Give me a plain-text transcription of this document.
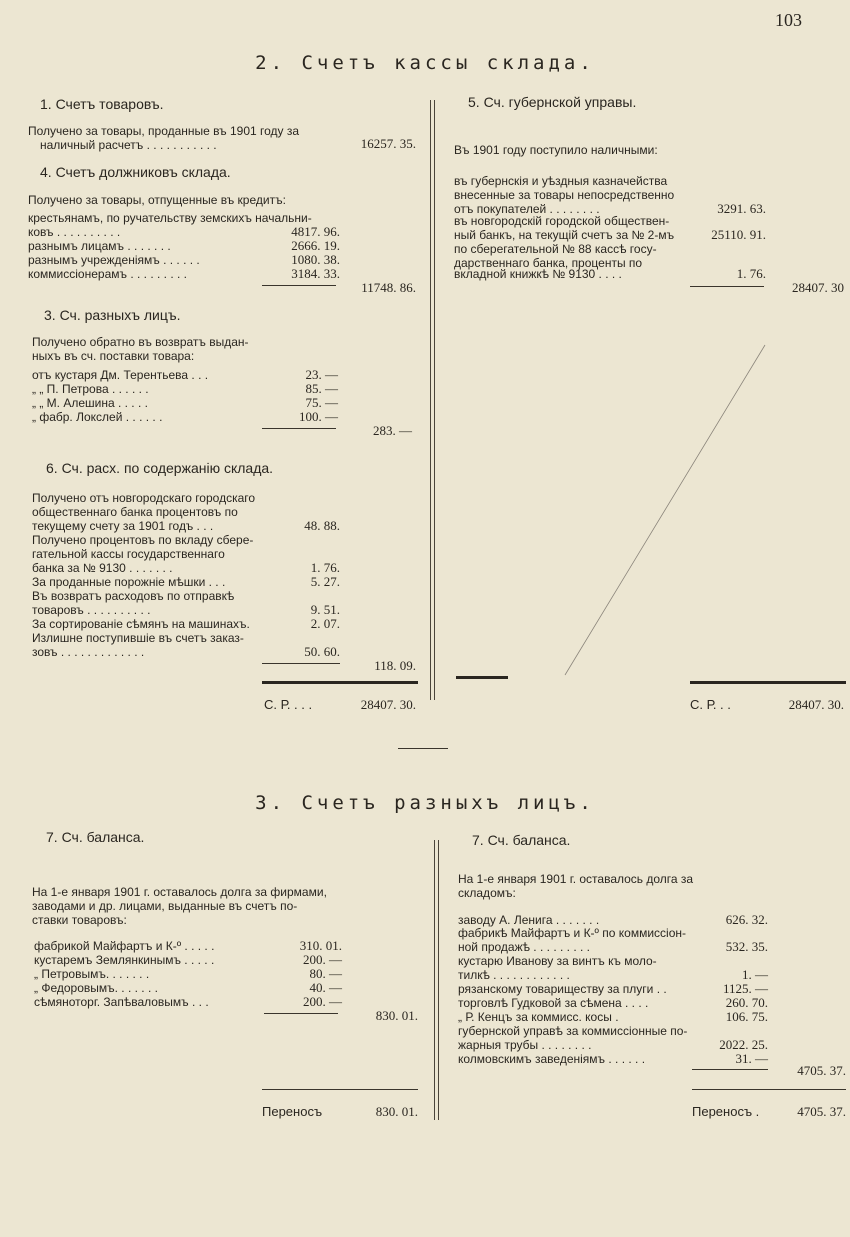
103
2. Счетъ кассы склада.
1. Счетъ товаровъ.
Получено за товары, проданные въ 1901 году за
наличный расчетъ . . . . . . . . . . .	16257. 35.
4. Счетъ должниковъ склада.
Получено за товары, отпущенные въ кредитъ:
крестьянамъ, по ручательству земскихъ начальни-
ковъ . . . . . . . . . .	4817. 96.
разнымъ лицамъ . . . . . . .	2666. 19.
разнымъ учрежденіямъ . . . . . .	1080. 38.
коммиссіонерамъ . . . . . . . . .	3184. 33.
11748. 86.
3. Сч. разныхъ лицъ.
Получено обратно въ возвратъ выдан-
ныхъ въ сч. поставки товара:
отъ кустаря Дм. Терентьева . . .	23. —
„ „ П. Петрова . . . . . .	85. —
„ „ М. Алешина . . . . .	75. —
„ фабр. Локслей . . . . . .	100. —
283. —
6. Сч. расх. по содержанію склада.
Получено отъ новгородскаго городскаго
общественнаго банка процентовъ по
текущему счету за 1901 годъ . . .	48. 88.
Получено процентовъ по вкладу сбере-
гательной кассы государственнаго
банка за № 9130 . . . . . . .	1. 76.
За проданные порожніе мѣшки . . .	5. 27.
Въ возвратъ расходовъ по отправкѣ
товаровъ . . . . . . . . . .	9. 51.
За сортированіе сѣмянъ на машинахъ.	2. 07.
Излишне поступившіе въ счетъ заказ-
зовъ . . . . . . . . . . . . .	50. 60.
118. 09.
С. Р. . . .	28407. 30.
5. Сч. губернской управы.
Въ 1901 году поступило наличными:
въ губернскія и уѣздныя казначейства
внесенные за товары непосредственно
отъ покупателей . . . . . . . .	3291. 63.
въ новгородскій городской обществен-
ный банкъ, на текущій счетъ за № 2-мъ	25110. 91.
по сберегательной № 88 кассѣ госу-
дарственнаго банка, проценты по
вкладной книжкѣ № 9130 . . . .	1. 76.
28407. 30
С. Р. . .	28407. 30.
3. Счетъ разныхъ лицъ.
7. Сч. баланса.
На 1-е января 1901 г. оставалось долга за фирмами,
заводами и др. лицами, выданные въ счетъ по-
ставки товаровъ:
фабрикой Майфартъ и К-º . . . . .	310. 01.
кустаремъ Землянкинымъ . . . . .	200. —
„ Петровымъ. . . . . . .	80. —
„ Федоровымъ. . . . . . .	40. —
сѣмяноторг. Запѣваловымъ . . .	200. —
830. 01.
Переносъ	830. 01.
7. Сч. баланса.
На 1-е января 1901 г. оставалось долга за
складомъ:
заводу А. Ленига . . . . . . .	626. 32.
фабрикѣ Майфартъ и К-º по коммиссіон-
ной продажѣ . . . . . . . . .	532. 35.
кустарю Иванову за винтъ къ моло-
тилкѣ . . . . . . . . . . . .	1. —
рязанскому товариществу за плуги . .	1125. —
торговлѣ Гудковой за сѣмена . . . .	260. 70.
„ Р. Кенцъ за коммисс. косы .	106. 75.
губернской управѣ за коммиссіонные по-
жарныя трубы . . . . . . . .	2022. 25.
колмовскимъ заведеніямъ . . . . . .	31. —
4705. 37.
Переносъ .	4705. 37.
